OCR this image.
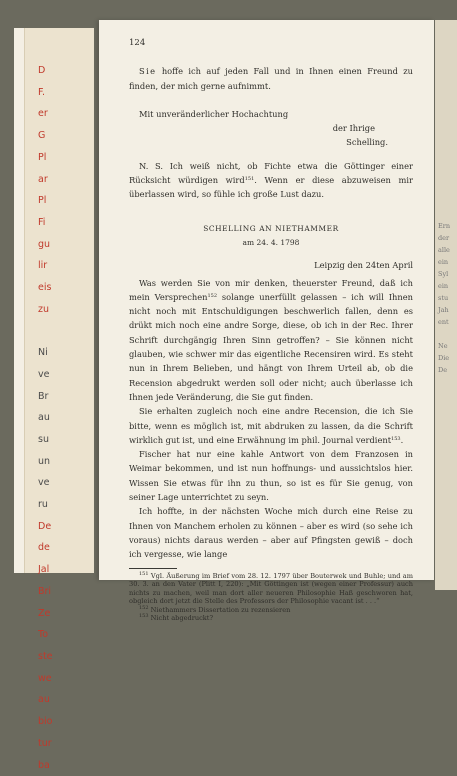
D
F.
er
G
Pl
ar
Pl
Fi
gu
lir
eis
zu

Ni
ve
Br
au
su
un
ve
ru
De
de
Jal
Bri
Ze
To
ste
we
au
bio
tur
ba
Ern
der
alle
ein
Syl
ein
stu
Jah
ent

Ne
Die
De
124
Sie hoffe ich auf jeden Fall und in Ihnen einen Freund zu finden, der mich gerne aufnimmt.
Mit unveränderlicher Hochachtung
der Ihrige
Schelling.
N. S. Ich weiß nicht, ob Fichte etwa die Göttinger einer Rücksicht würdigen wird$^{151}$. Wenn er diese abzuweisen mir überlassen wird, so fühle ich große Lust dazu.
SCHELLING AN NIETHAMMER
am 24. 4. 1798
Leipzig den 24ten April
Was werden Sie von mir denken, theuerster Freund, daß ich mein Versprechen$^{152}$ solange unerfüllt gelassen – ich will Ihnen nicht noch mit Entschuldigungen beschwerlich fallen, denn es drükt mich noch eine andre Sorge, diese, ob ich in der Rec. Ihrer Schrift durchgängig Ihren Sinn getroffen? – Sie können nicht glauben, wie schwer mir das eigentliche Recensiren wird. Es steht nun in Ihrem Belieben, und hängt von Ihrem Urteil ab, ob die Recension abgedrukt werden soll oder nicht; auch überlasse ich Ihnen jede Veränderung, die Sie gut finden.
Sie erhalten zugleich noch eine andre Recension, die ich Sie bitte, wenn es möglich ist, mit abdruken zu lassen, da die Schrift wirklich gut ist, und eine Erwähnung im phil. Journal verdient$^{153}$.
Fischer hat nur eine kahle Antwort von dem Franzosen in Weimar bekommen, und ist nun hoffnungs- und aussichtslos hier. Wissen Sie etwas für ihn zu thun, so ist es für Sie genug, von seiner Lage unterrichtet zu seyn.
Ich hoffte, in der nächsten Woche mich durch eine Reise zu Ihnen von Manchem erholen zu können – aber es wird (so sehe ich voraus) nichts daraus werden – aber auf Pfingsten gewiß – doch ich vergesse, wie lange
$^{151}$ Vgl. Äußerung im Brief vom 28. 12. 1797 über Bouterwek und Buhle; und am 30. 3. an den Vater (Plitt I, 220): „Mit Göttingen ist (wegen einer Professur) auch nichts zu machen, weil man dort aller neueren Philosophie Haß geschworen hat, obgleich dort jetzt die Stelle des Professors der Philosophie vacant ist . . .“
$^{152}$ Niethammers Dissertation zu rezensieren
$^{153}$ Nicht abgedruckt?
